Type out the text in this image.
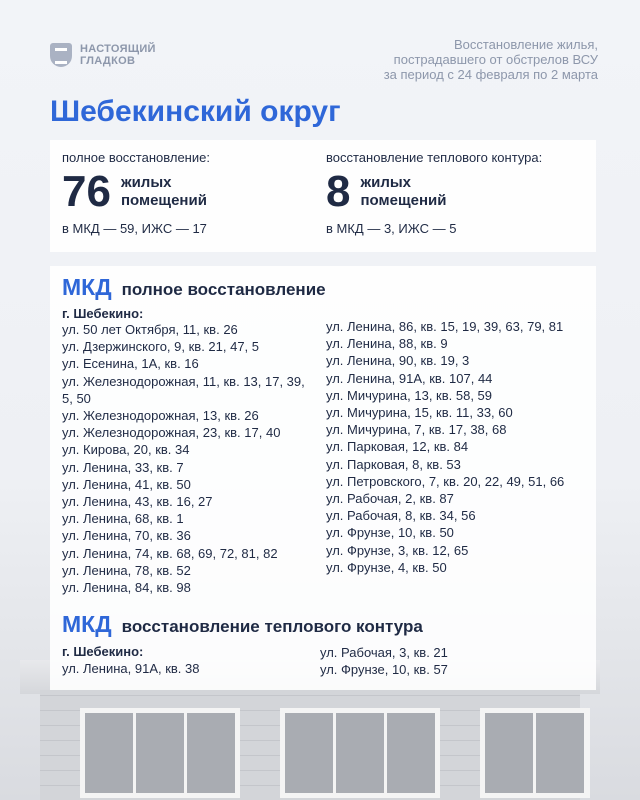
НАСТОЯЩИЙ
ГЛАДКОВ
Восстановление жилья,
пострадавшего от обстрелов ВСУ
за период с 24 февраля по 2 марта
Шебекинский округ
полное восстановление:
76 жилых
помещений
в МКД — 59, ИЖС — 17
восстановление теплового контура:
8 жилых
помещений
в МКД — 3, ИЖС — 5
МКД полное восстановление
г. Шебекино:
ул. 50 лет Октября, 11, кв. 26
ул. Дзержинского, 9, кв. 21, 47, 5
ул. Есенина, 1А, кв. 16
ул. Железнодорожная, 11, кв. 13, 17, 39, 5, 50
ул. Железнодорожная, 13, кв. 26
ул. Железнодорожная, 23, кв. 17, 40
ул. Кирова, 20, кв. 34
ул. Ленина, 33, кв. 7
ул. Ленина, 41, кв. 50
ул. Ленина, 43, кв. 16, 27
ул. Ленина, 68, кв. 1
ул. Ленина, 70, кв. 36
ул. Ленина, 74, кв. 68, 69, 72, 81, 82
ул. Ленина, 78, кв. 52
ул. Ленина, 84, кв. 98
ул. Ленина, 86, кв. 15, 19, 39, 63, 79, 81
ул. Ленина, 88, кв. 9
ул. Ленина, 90, кв. 19, 3
ул. Ленина, 91А, кв. 107, 44
ул. Мичурина, 13, кв. 58, 59
ул. Мичурина, 15, кв. 11, 33, 60
ул. Мичурина, 7, кв. 17, 38, 68
ул. Парковая, 12, кв. 84
ул. Парковая, 8, кв. 53
ул. Петровского, 7, кв. 20, 22, 49, 51, 66
ул. Рабочая, 2, кв. 87
ул. Рабочая, 8, кв. 34, 56
ул. Фрунзе, 10, кв. 50
ул. Фрунзе, 3, кв. 12, 65
ул. Фрунзе, 4, кв. 50
МКД восстановление теплового контура
г. Шебекино:
ул. Ленина, 91А, кв. 38
ул. Рабочая, 3, кв. 21
ул. Фрунзе, 10, кв. 57
